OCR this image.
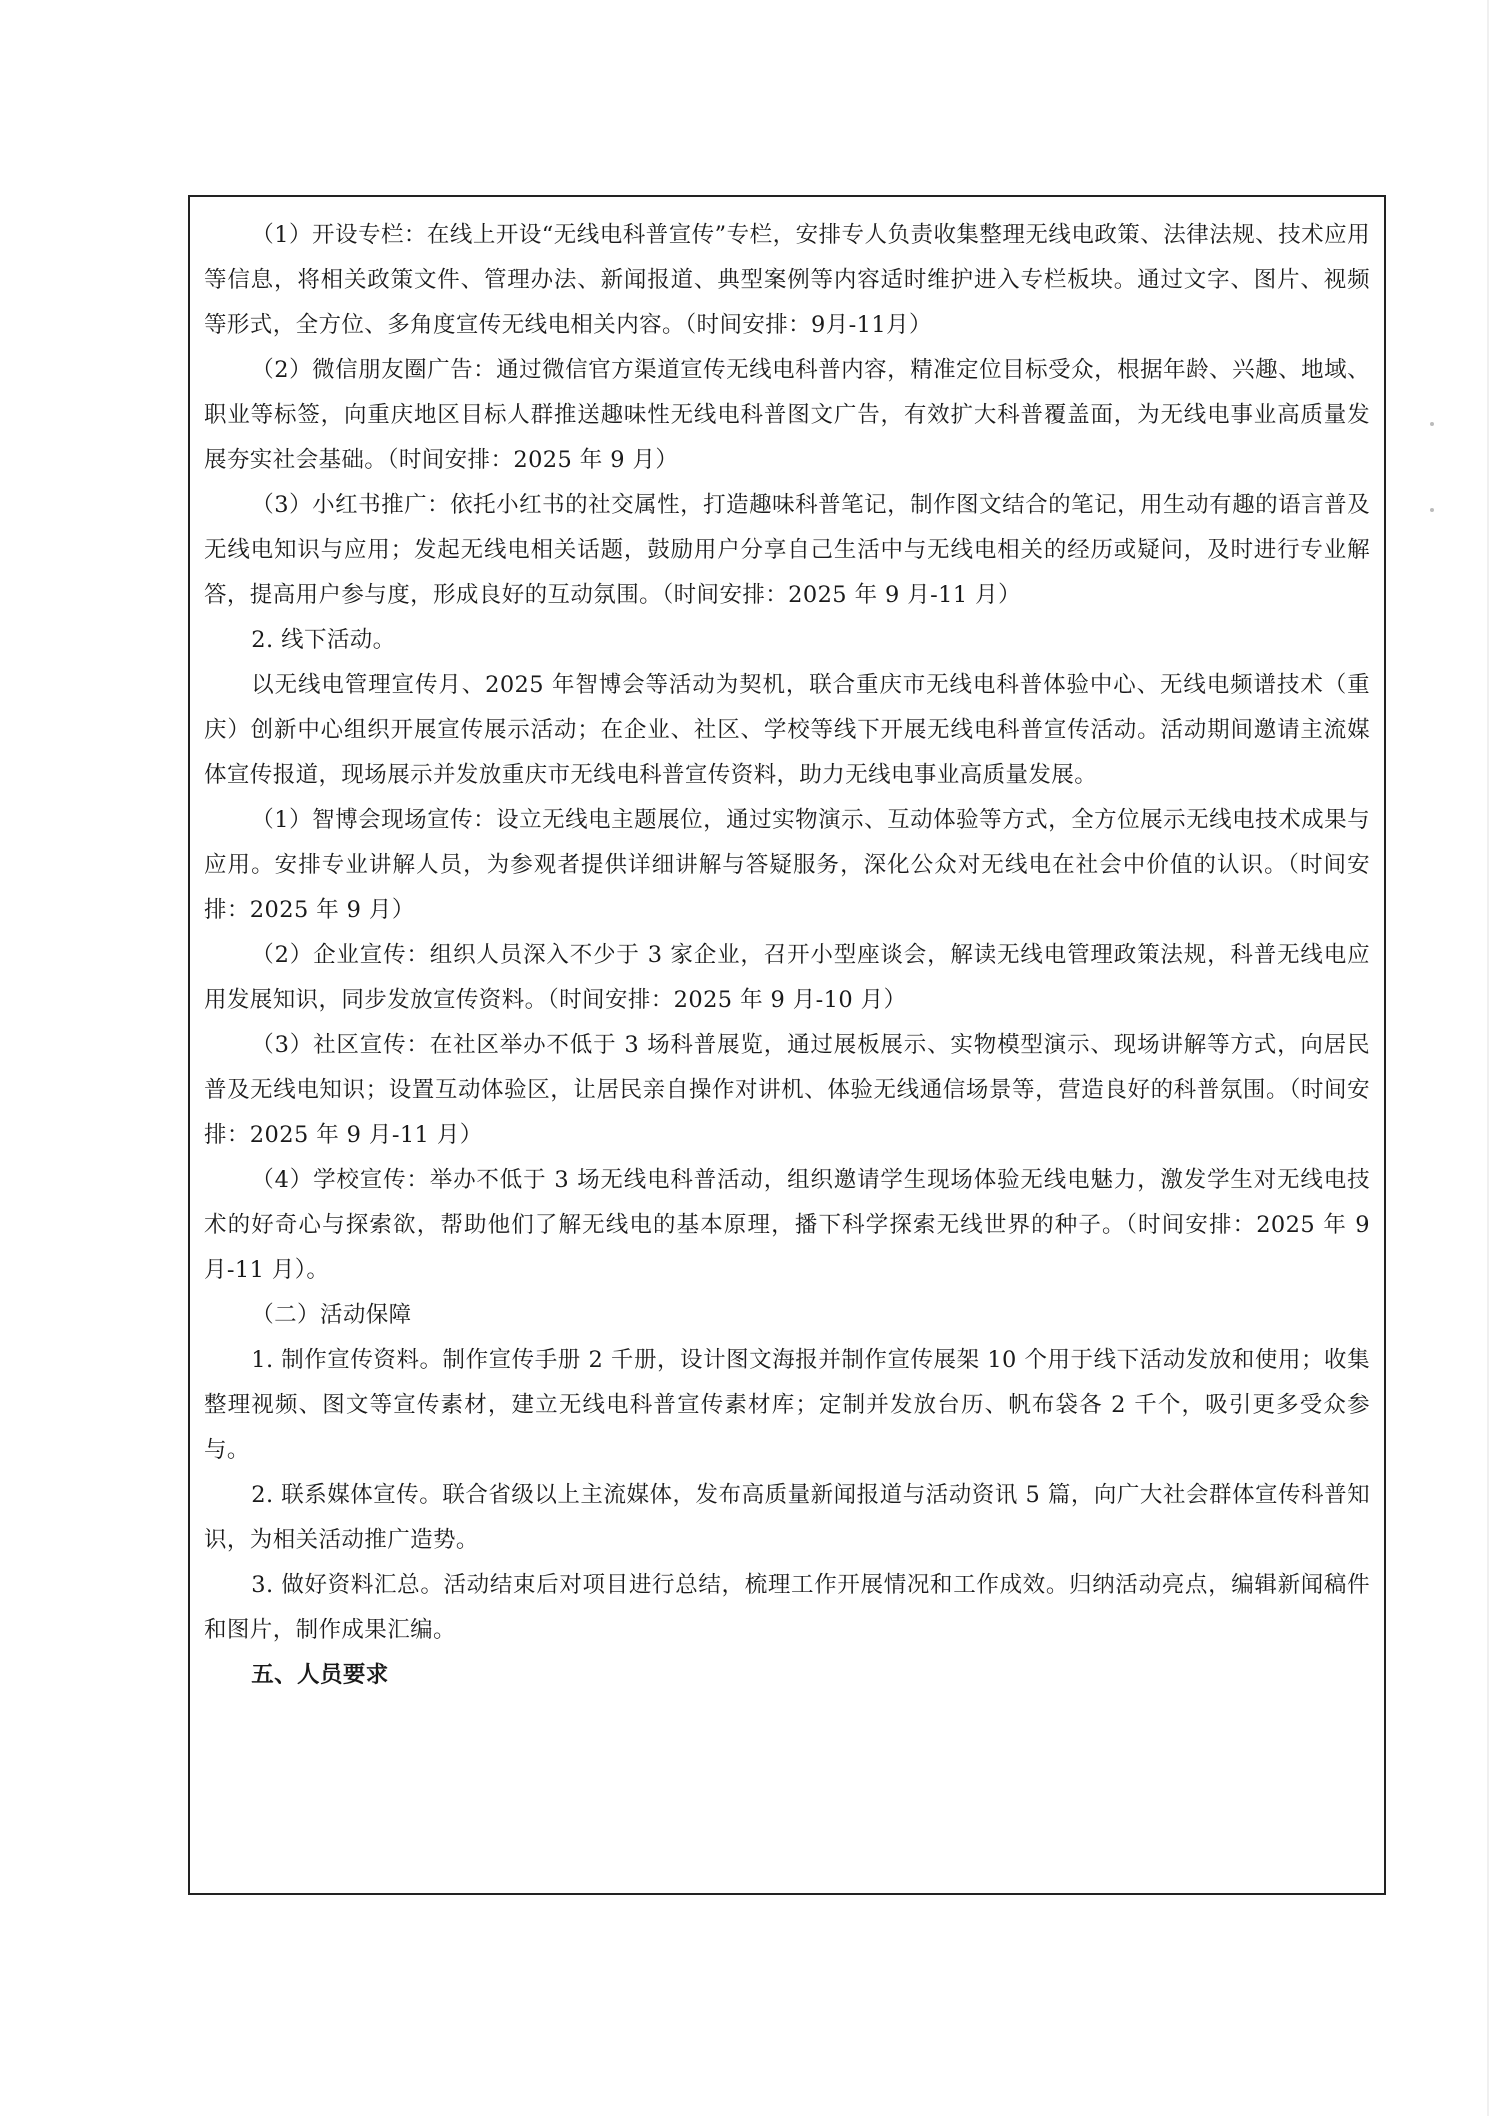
（1）开设专栏：在线上开设“无线电科普宣传”专栏，安排专人负责收集整理无线电政策、法律法规、技术应用等信息，将相关政策文件、管理办法、新闻报道、典型案例等内容适时维护进入专栏板块。通过文字、图片、视频等形式，全方位、多角度宣传无线电相关内容。（时间安排：9月-11月）

（2）微信朋友圈广告：通过微信官方渠道宣传无线电科普内容，精准定位目标受众，根据年龄、兴趣、地域、职业等标签，向重庆地区目标人群推送趣味性无线电科普图文广告，有效扩大科普覆盖面，为无线电事业高质量发展夯实社会基础。（时间安排：2025 年 9 月）

（3）小红书推广：依托小红书的社交属性，打造趣味科普笔记，制作图文结合的笔记，用生动有趣的语言普及无线电知识与应用；发起无线电相关话题，鼓励用户分享自己生活中与无线电相关的经历或疑问，及时进行专业解答，提高用户参与度，形成良好的互动氛围。（时间安排：2025 年 9 月-11 月）

2. 线下活动。

以无线电管理宣传月、2025 年智博会等活动为契机，联合重庆市无线电科普体验中心、无线电频谱技术（重庆）创新中心组织开展宣传展示活动；在企业、社区、学校等线下开展无线电科普宣传活动。活动期间邀请主流媒体宣传报道，现场展示并发放重庆市无线电科普宣传资料，助力无线电事业高质量发展。

（1）智博会现场宣传：设立无线电主题展位，通过实物演示、互动体验等方式，全方位展示无线电技术成果与应用。安排专业讲解人员，为参观者提供详细讲解与答疑服务，深化公众对无线电在社会中价值的认识。（时间安排：2025 年 9 月）

（2）企业宣传：组织人员深入不少于 3 家企业，召开小型座谈会，解读无线电管理政策法规，科普无线电应用发展知识，同步发放宣传资料。（时间安排：2025 年 9 月-10 月）

（3）社区宣传：在社区举办不低于 3 场科普展览，通过展板展示、实物模型演示、现场讲解等方式，向居民普及无线电知识；设置互动体验区，让居民亲自操作对讲机、体验无线通信场景等，营造良好的科普氛围。（时间安排：2025 年 9 月-11 月）

（4）学校宣传：举办不低于 3 场无线电科普活动，组织邀请学生现场体验无线电魅力，激发学生对无线电技术的好奇心与探索欲，帮助他们了解无线电的基本原理，播下科学探索无线世界的种子。（时间安排：2025 年 9 月-11 月）。

（二）活动保障

1. 制作宣传资料。制作宣传手册 2 千册，设计图文海报并制作宣传展架 10 个用于线下活动发放和使用；收集整理视频、图文等宣传素材，建立无线电科普宣传素材库；定制并发放台历、帆布袋各 2 千个，吸引更多受众参与。

2. 联系媒体宣传。联合省级以上主流媒体，发布高质量新闻报道与活动资讯 5 篇，向广大社会群体宣传科普知识，为相关活动推广造势。

3. 做好资料汇总。活动结束后对项目进行总结，梳理工作开展情况和工作成效。归纳活动亮点，编辑新闻稿件和图片，制作成果汇编。

五、人员要求
